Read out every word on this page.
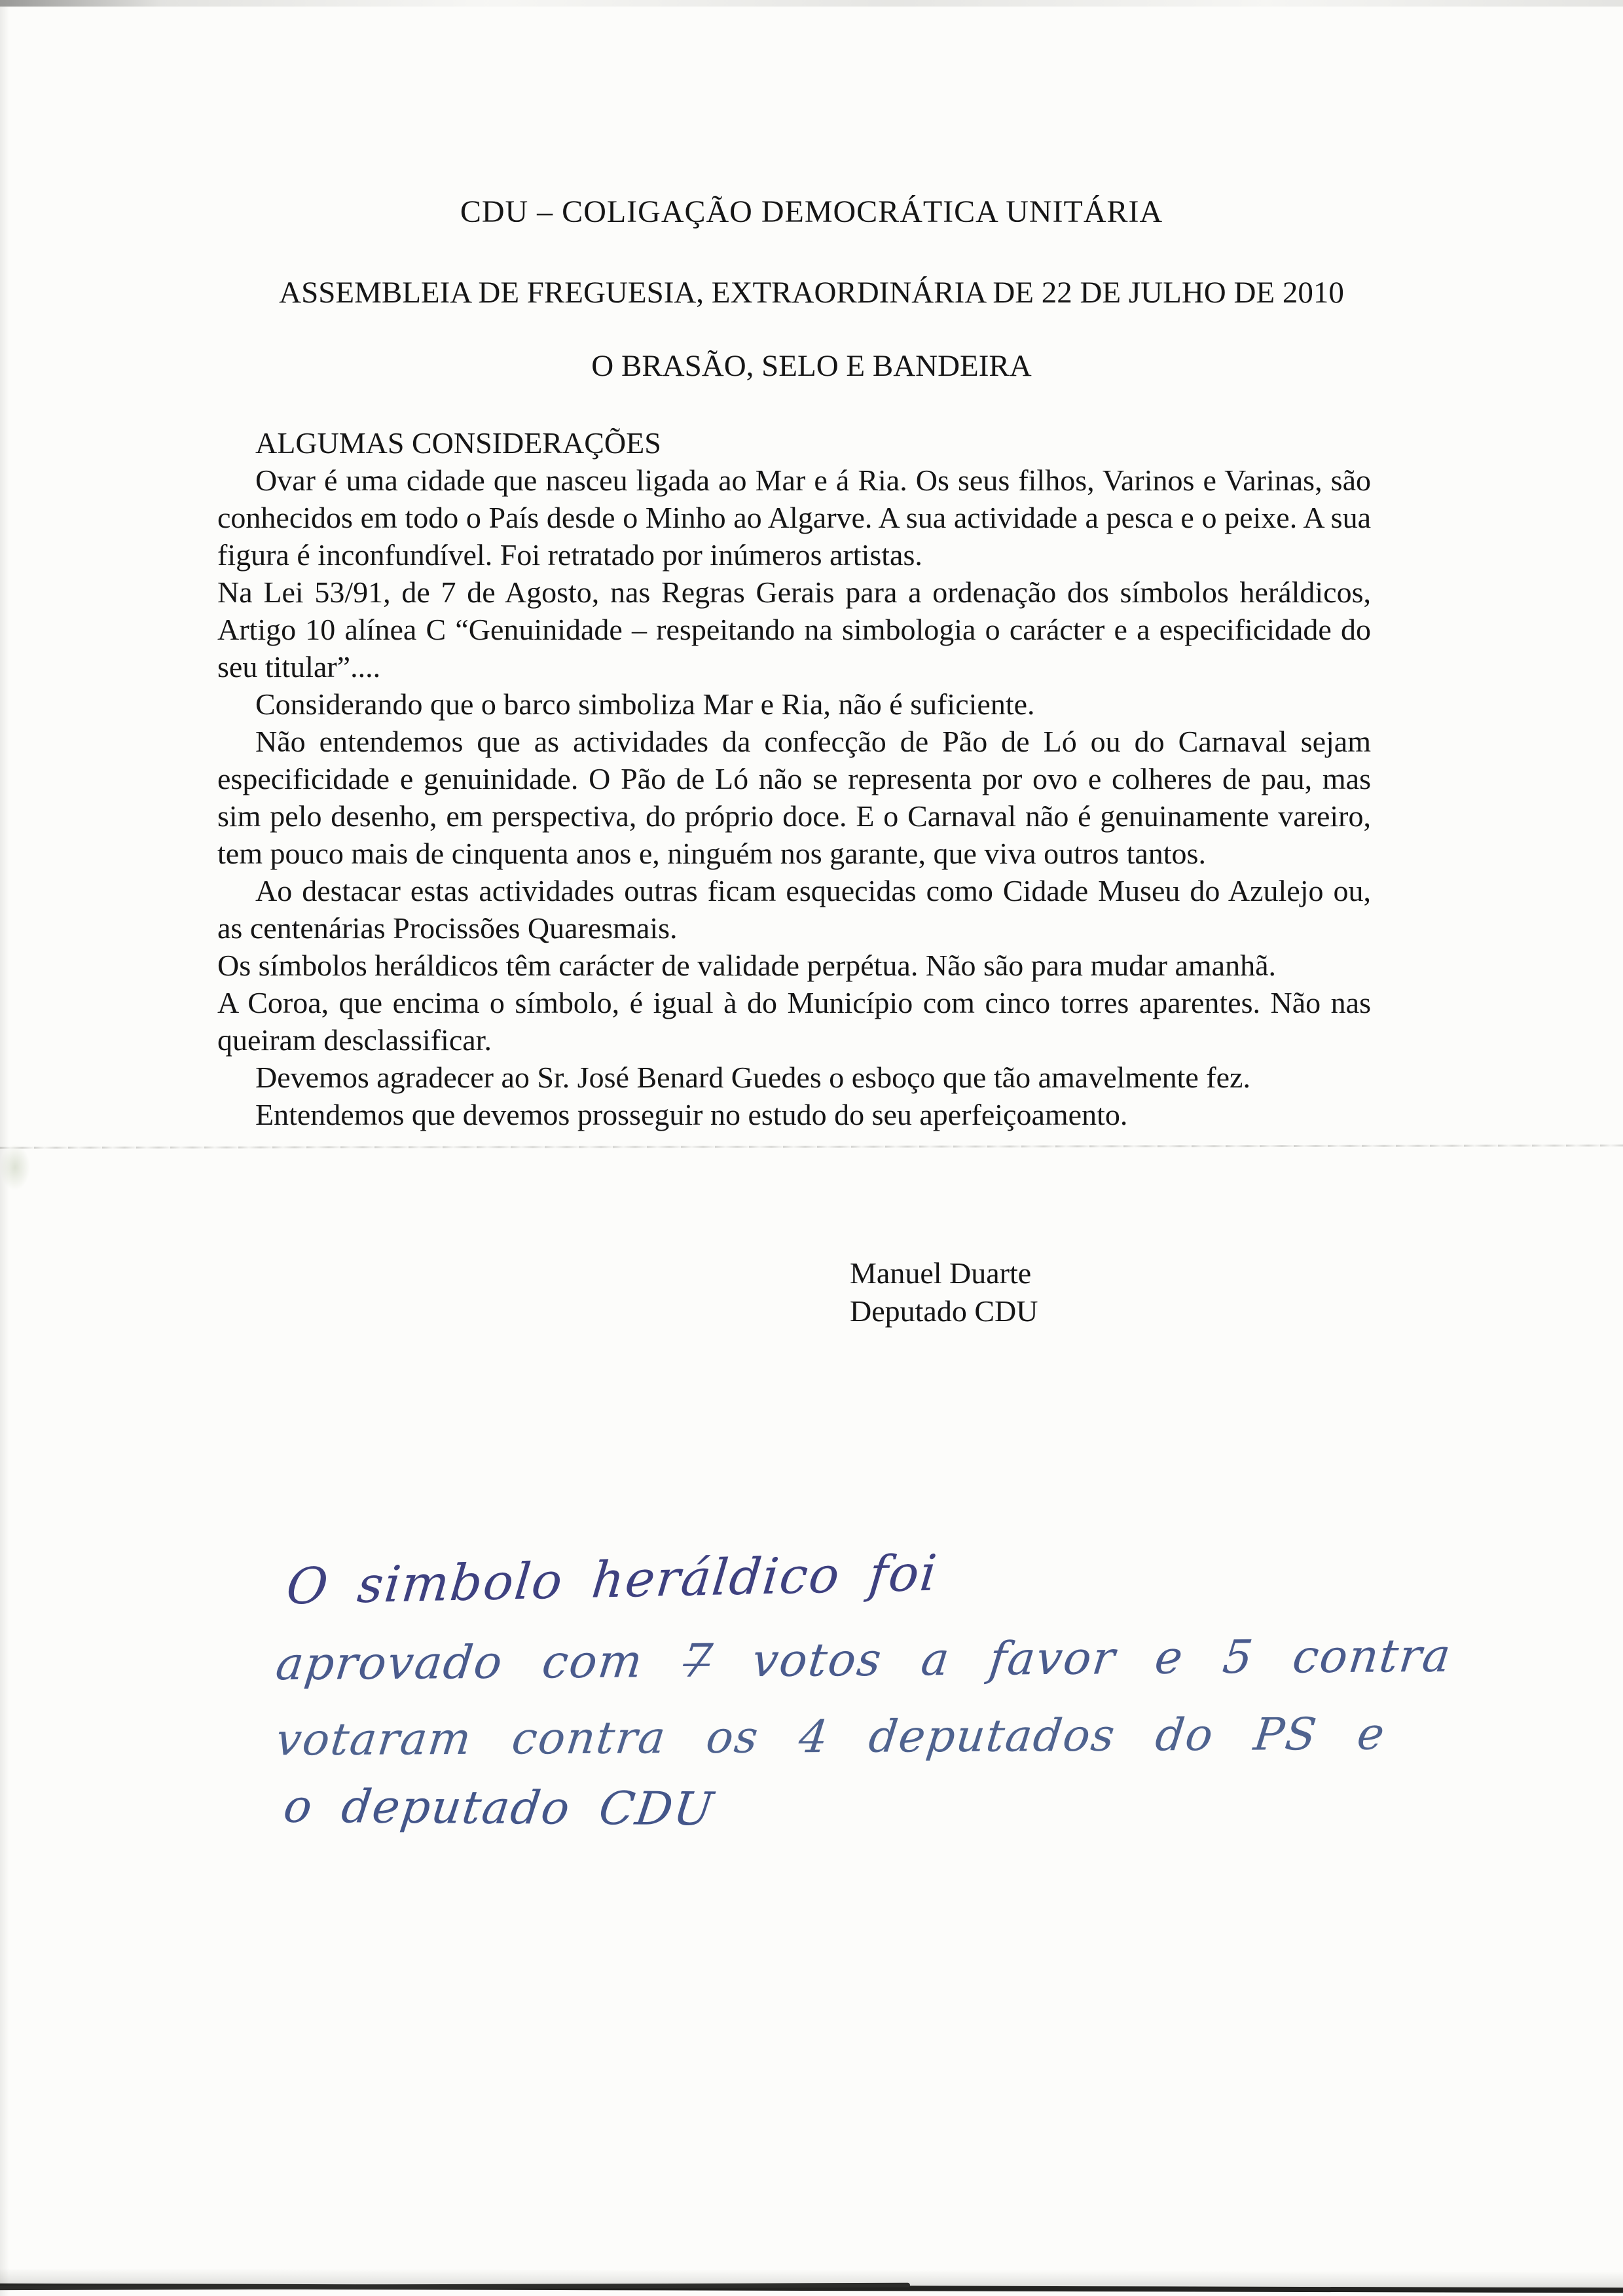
CDU – COLIGAÇÃO DEMOCRÁTICA UNITÁRIA
ASSEMBLEIA DE FREGUESIA, EXTRAORDINÁRIA DE 22 DE JULHO DE 2010
O BRASÃO, SELO E BANDEIRA

ALGUMAS CONSIDERAÇÕES

Ovar é uma cidade que nasceu ligada ao Mar e á Ria. Os seus filhos, Varinos e Varinas, são conhecidos em todo o País desde o Minho ao Algarve. A sua actividade a pesca e o peixe. A sua figura é inconfundível. Foi retratado por inúmeros artistas.

Na Lei 53/91, de 7 de Agosto, nas Regras Gerais para a ordenação dos símbolos heráldicos, Artigo 10 alínea C “Genuinidade – respeitando na simbologia o carácter e a especificidade do seu titular”....

Considerando que o barco simboliza Mar e Ria, não é suficiente.

Não entendemos que as actividades da confecção de Pão de Ló ou do Carnaval sejam especificidade e genuinidade. O Pão de Ló não se representa por ovo e colheres de pau, mas sim pelo desenho, em perspectiva, do próprio doce. E o Carnaval não é genuinamente vareiro, tem pouco mais de cinquenta anos e, ninguém nos garante, que viva outros tantos.

Ao destacar estas actividades outras ficam esquecidas como Cidade Museu do Azulejo ou, as centenárias Procissões Quaresmais.

Os símbolos heráldicos têm carácter de validade perpétua. Não são para mudar amanhã.

A Coroa, que encima o símbolo, é igual à do Município com cinco torres aparentes. Não nas queiram desclassificar.

Devemos agradecer ao Sr. José Benard Guedes o esboço que tão amavelmente fez.

Entendemos que devemos prosseguir no estudo do seu aperfeiçoamento.

Manuel Duarte
Deputado CDU
O simbolo heráldico foi
aprovado com 7̶ votos a favor e 5 contra
votaram contra os 4 deputados do PS e
o deputado CDU
